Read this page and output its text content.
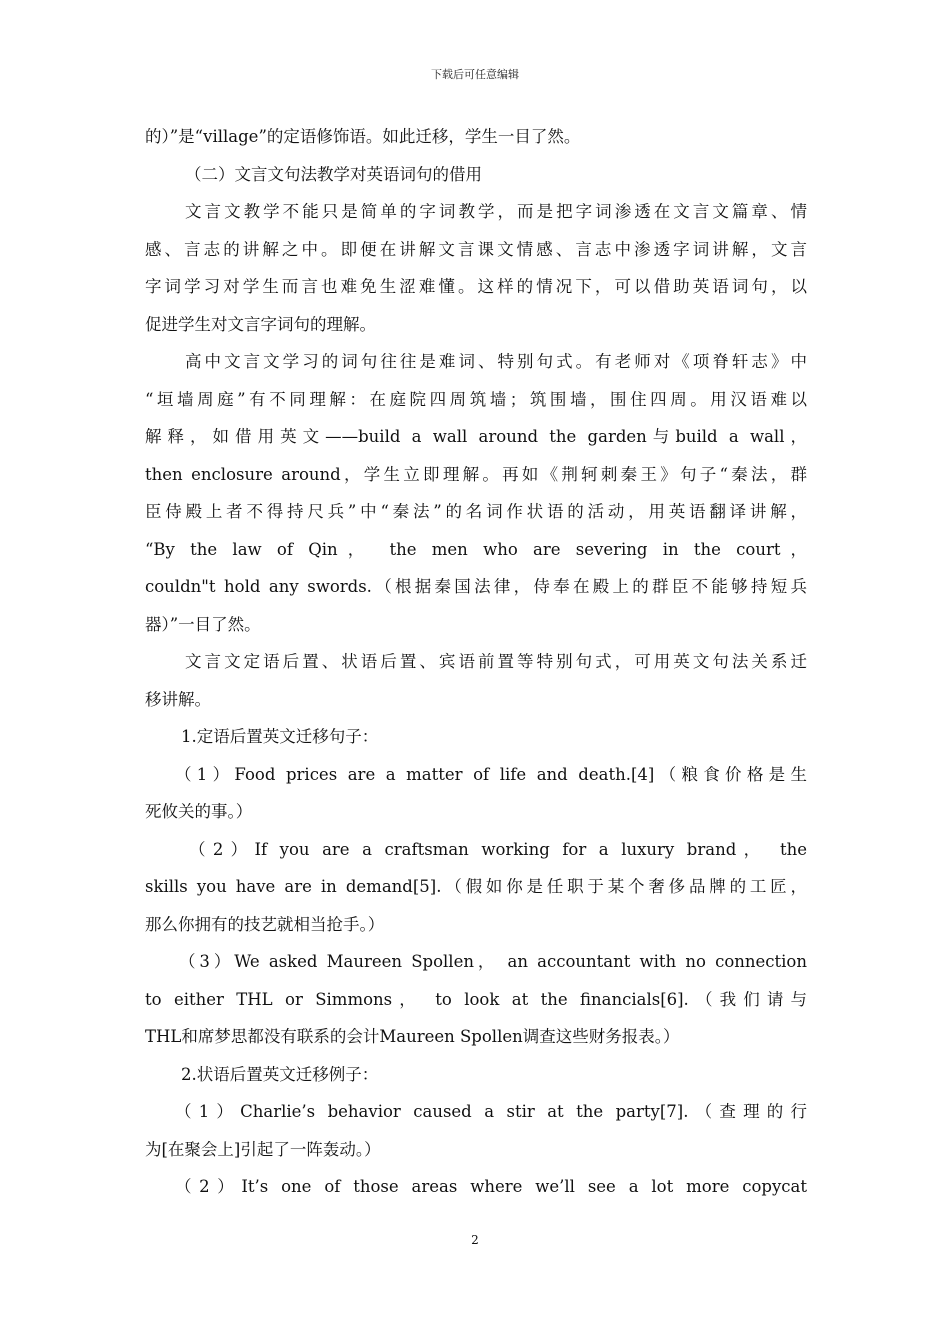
下载后可任意编辑
的）”是“village”的定语修饰语。如此迁移，学生一目了然。
（二）文言文句法教学对英语词句的借用
文言文教学不能只是简单的字词教学，而是把字词渗透在文言文篇章、情
感、言志的讲解之中。即便在讲解文言课文情感、言志中渗透字词讲解，文言
字词学习对学生而言也难免生涩难懂。这样的情况下，可以借助英语词句，以
促进学生对文言字词句的理解。
高中文言文学习的词句往往是难词、特别句式。有老师对《项脊轩志》中
“垣墙周庭”有不同理解：在庭院四周筑墙；筑围墙，围住四周。用汉语难以
解释，如借用英文——build a wall around the garden与build a wall，
then enclosure around，学生立即理解。再如《荆轲刺秦王》句子“秦法，群
臣侍殿上者不得持尺兵”中“秦法”的名词作状语的活动，用英语翻译讲解，
“By the law of Qin， the men who are severing in the court，
couldn"t hold any swords.（根据秦国法律，侍奉在殿上的群臣不能够持短兵
器）”一目了然。
文言文定语后置、状语后置、宾语前置等特别句式，可用英文句法关系迁
移讲解。
1.定语后置英文迁移句子：
（1）Food prices are a matter of life and death.[4]（粮食价格是生
死攸关的事。）
（2）If you are a craftsman working for a luxury brand， the
skills you have are in demand[5].（假如你是任职于某个奢侈品牌的工匠，
那么你拥有的技艺就相当抢手。）
（3）We asked Maureen Spollen， an accountant with no connection
to either THL or Simmons， to look at the financials[6].（我们请与
THL和席梦思都没有联系的会计Maureen Spollen调查这些财务报表。）
2.状语后置英文迁移例子：
（1）Charlie’s behavior caused a stir at the party[7].（查理的行
为[在聚会上]引起了一阵轰动。）
（2）It’s one of those areas where we’ll see a lot more copycat
2
